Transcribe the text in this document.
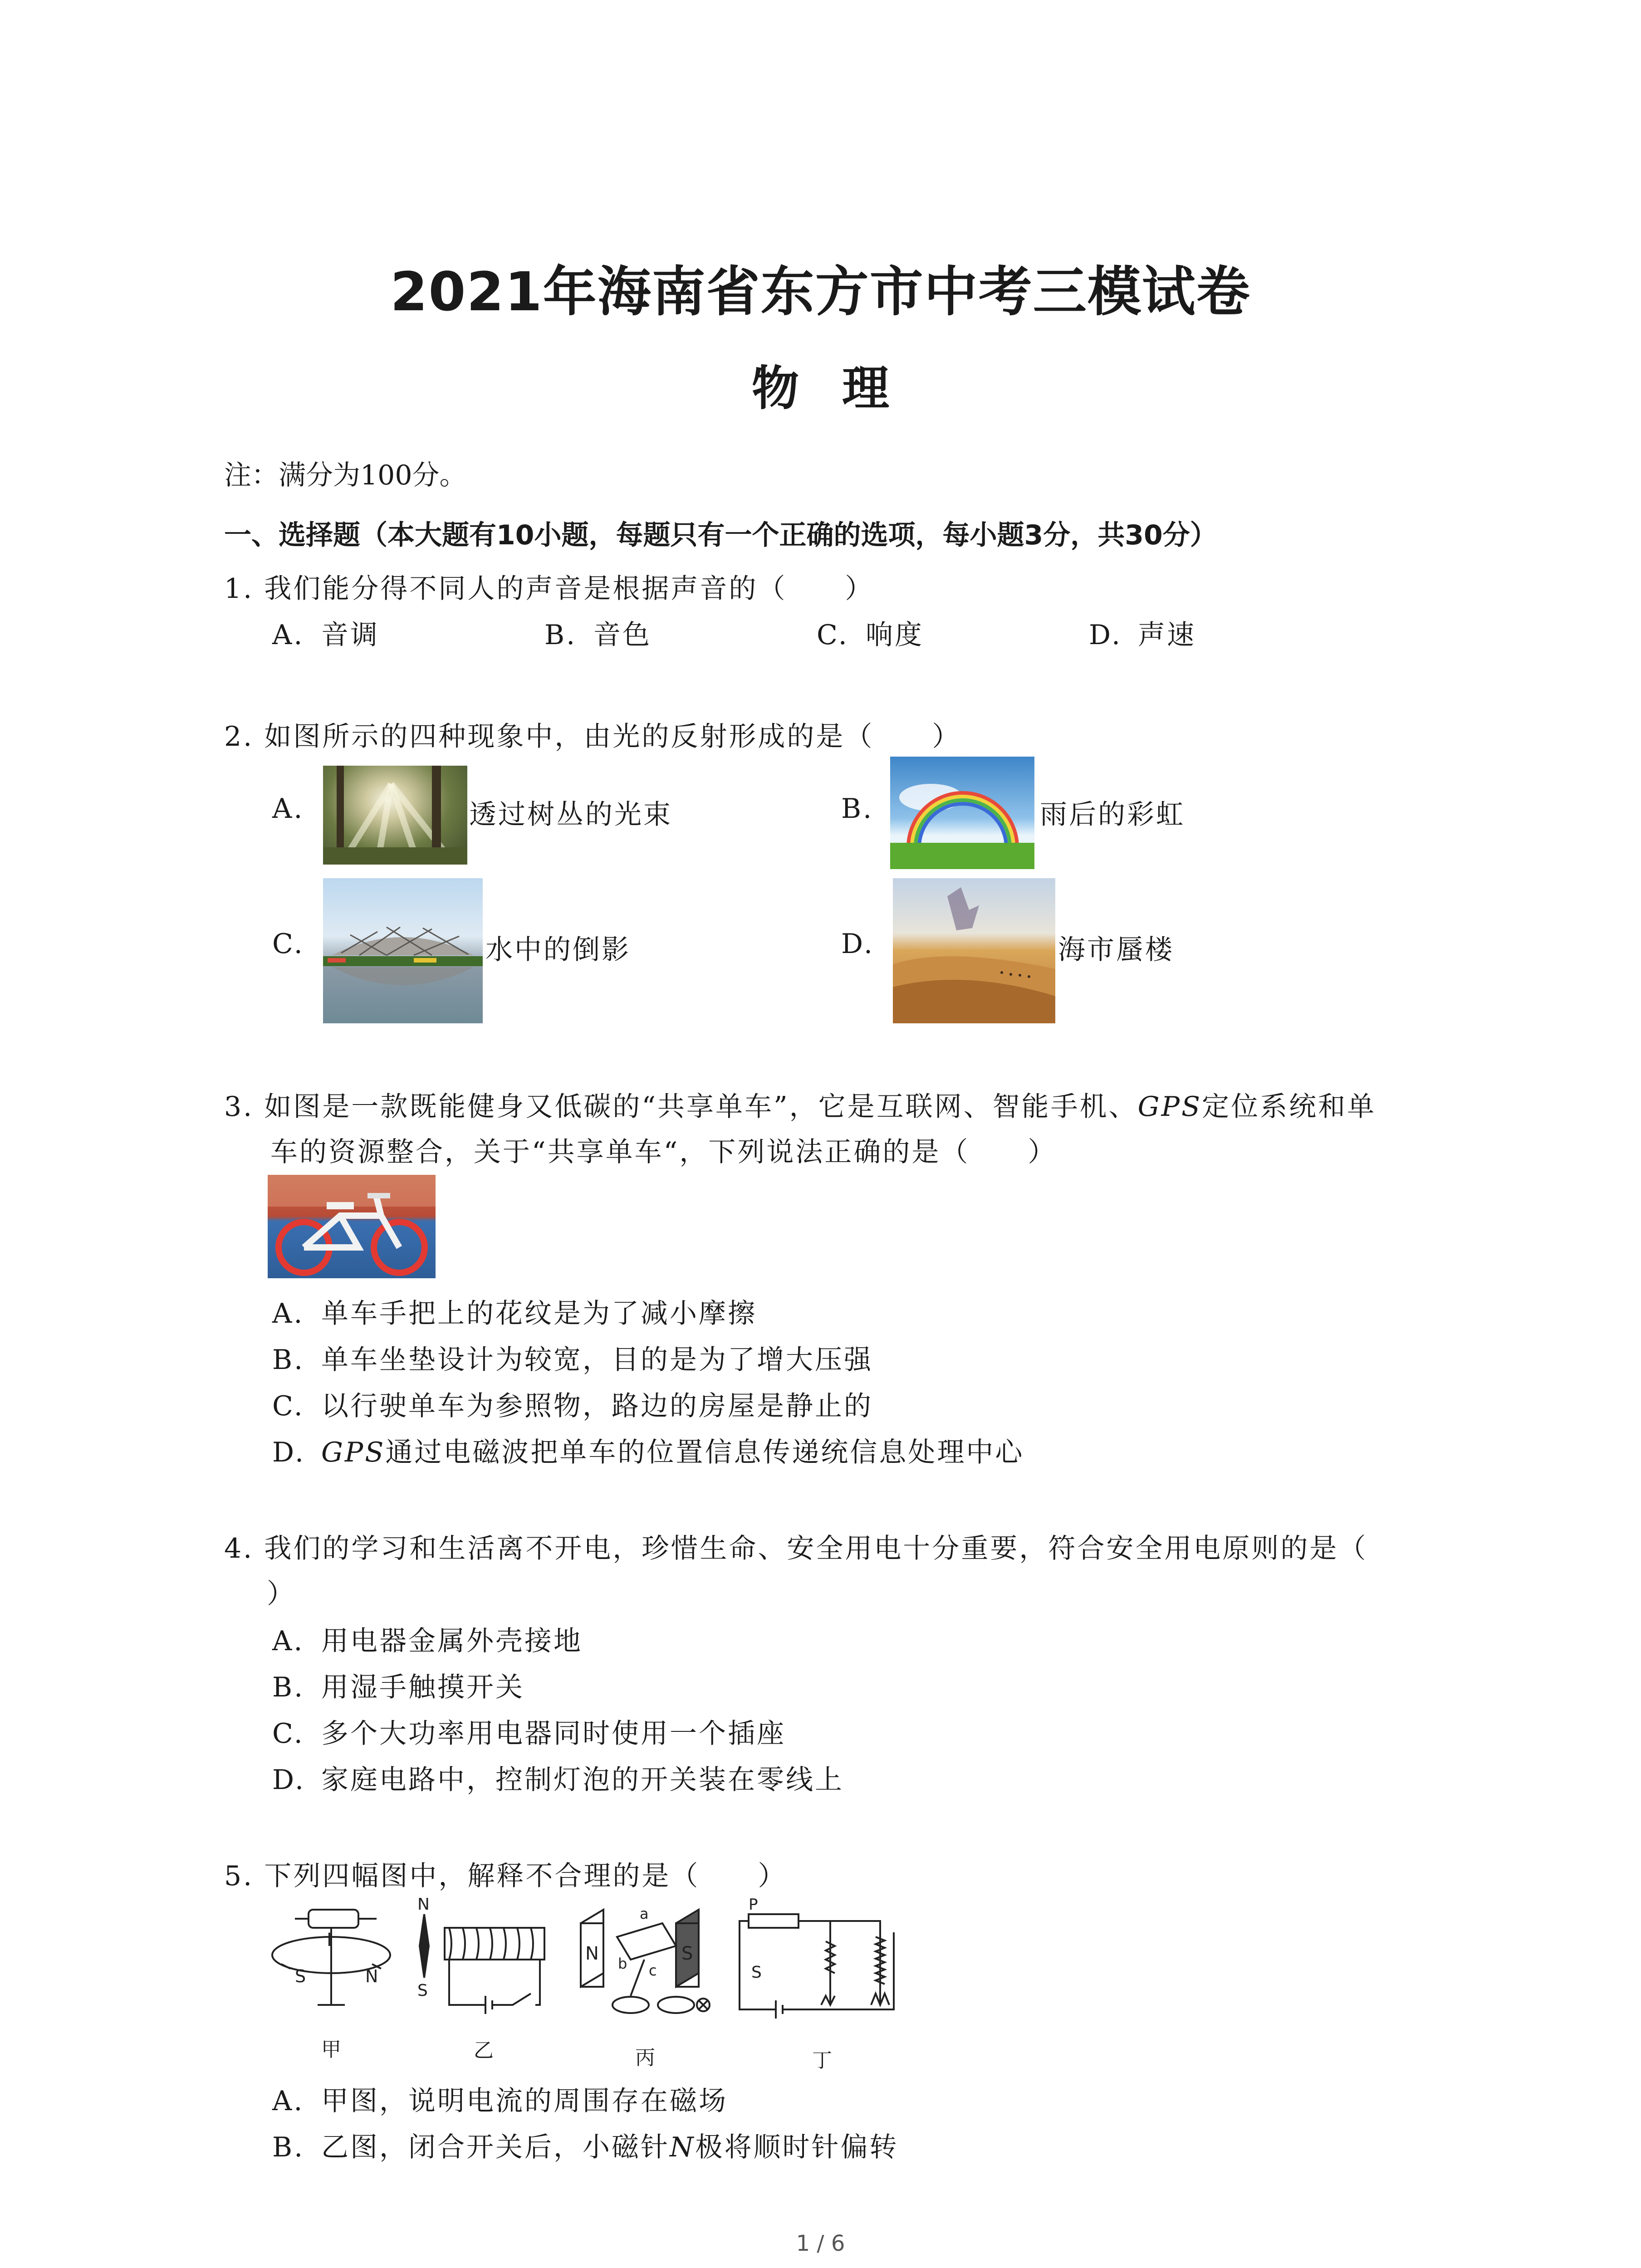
2021年海南省东方市中考三模试卷
物理
注：满分为100分。
一、选择题（本大题有10小题，每题只有一个正确的选项，每小题3分，共30分）
1. 我们能分得不同人的声音是根据声音的（　　）
A. 音调	B. 音色	C. 响度	D. 声速
2. 如图所示的四种现象中，由光的反射形成的是（　　）
A.	透过树丛的光束	B.	雨后的彩虹
C.	水中的倒影	D.	海市蜃楼
3. 如图是一款既能健身又低碳的“共享单车”，它是互联网、智能手机、GPS定位系统和单
车的资源整合，关于“共享单车“，下列说法正确的是（　　）
A. 单车手把上的花纹是为了减小摩擦
B. 单车坐垫设计为较宽，目的是为了增大压强
C. 以行驶单车为参照物，路边的房屋是静止的
D. GPS通过电磁波把单车的位置信息传递统信息处理中心
4. 我们的学习和生活离不开电，珍惜生命、安全用电十分重要，符合安全用电原则的是（
）
A. 用电器金属外壳接地
B. 用湿手触摸开关
C. 多个大功率用电器同时使用一个插座
D. 家庭电路中，控制灯泡的开关装在零线上
5. 下列四幅图中，解释不合理的是（　　）
I
S	N
N
S
N	S
a
b c
P
S
甲	乙	丙	丁
A. 甲图，说明电流的周围存在磁场
B. 乙图，闭合开关后，小磁针N极将顺时针偏转
1 / 6
